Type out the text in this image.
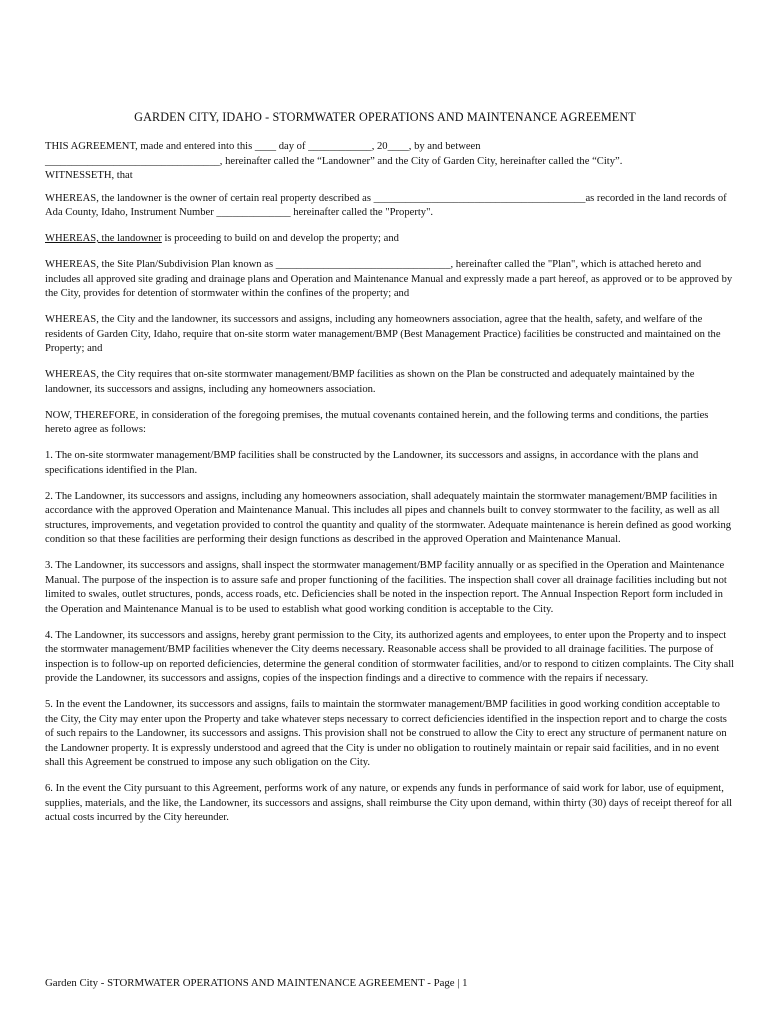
GARDEN CITY, IDAHO - STORMWATER OPERATIONS AND MAINTENANCE AGREEMENT

THIS AGREEMENT, made and entered into this ____ day of ____________, 20____, by and between
_________________________________, hereinafter called the “Landowner” and the City of Garden City, hereinafter called the “City”.
WITNESSETH, that

WHEREAS, the landowner is the owner of certain real property described as ________________________________________as recorded in the land records of Ada County, Idaho, Instrument Number ______________ hereinafter called the "Property".

WHEREAS, the landowner is proceeding to build on and develop the property; and

WHEREAS, the Site Plan/Subdivision Plan known as _________________________________, hereinafter called the "Plan", which is attached hereto and includes all approved site grading and drainage plans and Operation and Maintenance Manual and expressly made a part hereof, as approved or to be approved by the City, provides for detention of stormwater within the confines of the property; and

WHEREAS, the City and the landowner, its successors and assigns, including any homeowners association, agree that the health, safety, and welfare of the residents of Garden City, Idaho, require that on-site storm water management/BMP (Best Management Practice) facilities be constructed and maintained on the Property; and

WHEREAS, the City requires that on-site stormwater management/BMP facilities as shown on the Plan be constructed and adequately maintained by the landowner, its successors and assigns, including any homeowners association.

NOW, THEREFORE, in consideration of the foregoing premises, the mutual covenants contained herein, and the following terms and conditions, the parties hereto agree as follows:

1. The on-site stormwater management/BMP facilities shall be constructed by the Landowner, its successors and assigns, in accordance with the plans and specifications identified in the Plan.

2. The Landowner, its successors and assigns, including any homeowners association, shall adequately maintain the stormwater management/BMP facilities in accordance with the approved Operation and Maintenance Manual. This includes all pipes and channels built to convey stormwater to the facility, as well as all structures, improvements, and vegetation provided to control the quantity and quality of the stormwater. Adequate maintenance is herein defined as good working condition so that these facilities are performing their design functions as described in the approved Operation and Maintenance Manual.

3. The Landowner, its successors and assigns, shall inspect the stormwater management/BMP facility annually or as specified in the Operation and Maintenance Manual. The purpose of the inspection is to assure safe and proper functioning of the facilities. The inspection shall cover all drainage facilities including but not limited to swales, outlet structures, ponds, access roads, etc. Deficiencies shall be noted in the inspection report. The Annual Inspection Report form included in the Operation and Maintenance Manual is to be used to establish what good working condition is acceptable to the City.

4. The Landowner, its successors and assigns, hereby grant permission to the City, its authorized agents and employees, to enter upon the Property and to inspect the stormwater management/BMP facilities whenever the City deems necessary. Reasonable access shall be provided to all drainage facilities. The purpose of inspection is to follow-up on reported deficiencies, determine the general condition of stormwater facilities, and/or to respond to citizen complaints. The City shall provide the Landowner, its successors and assigns, copies of the inspection findings and a directive to commence with the repairs if necessary.

5. In the event the Landowner, its successors and assigns, fails to maintain the stormwater management/BMP facilities in good working condition acceptable to the City, the City may enter upon the Property and take whatever steps necessary to correct deficiencies identified in the inspection report and to charge the costs of such repairs to the Landowner, its successors and assigns. This provision shall not be construed to allow the City to erect any structure of permanent nature on the Landowner property. It is expressly understood and agreed that the City is under no obligation to routinely maintain or repair said facilities, and in no event shall this Agreement be construed to impose any such obligation on the City.

6. In the event the City pursuant to this Agreement, performs work of any nature, or expends any funds in performance of said work for labor, use of equipment, supplies, materials, and the like, the Landowner, its successors and assigns, shall reimburse the City upon demand, within thirty (30) days of receipt thereof for all actual costs incurred by the City hereunder.

Garden City - STORMWATER OPERATIONS AND MAINTENANCE AGREEMENT - Page | 1
